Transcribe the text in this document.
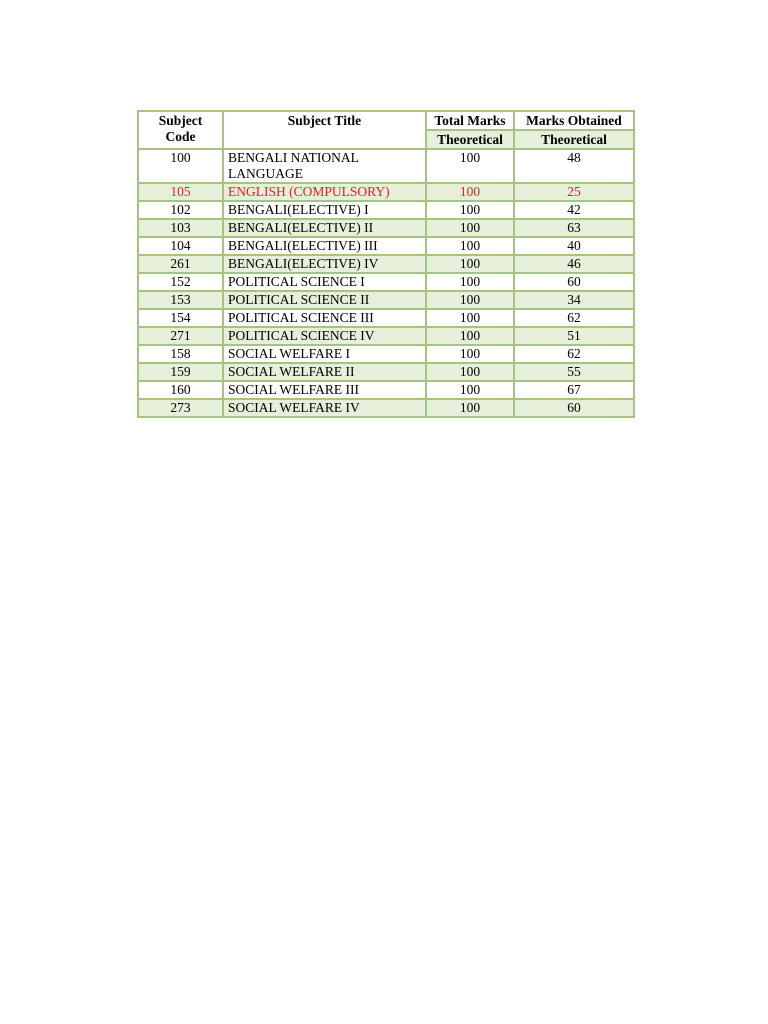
Subject Code	Subject Title	Total Marks	Marks Obtained
		Theoretical	Theoretical
100	BENGALI NATIONAL LANGUAGE	100	48
105	ENGLISH (COMPULSORY)	100	25
102	BENGALI(ELECTIVE) I	100	42
103	BENGALI(ELECTIVE) II	100	63
104	BENGALI(ELECTIVE) III	100	40
261	BENGALI(ELECTIVE) IV	100	46
152	POLITICAL SCIENCE I	100	60
153	POLITICAL SCIENCE II	100	34
154	POLITICAL SCIENCE III	100	62
271	POLITICAL SCIENCE IV	100	51
158	SOCIAL WELFARE I	100	62
159	SOCIAL WELFARE II	100	55
160	SOCIAL WELFARE III	100	67
273	SOCIAL WELFARE IV	100	60
